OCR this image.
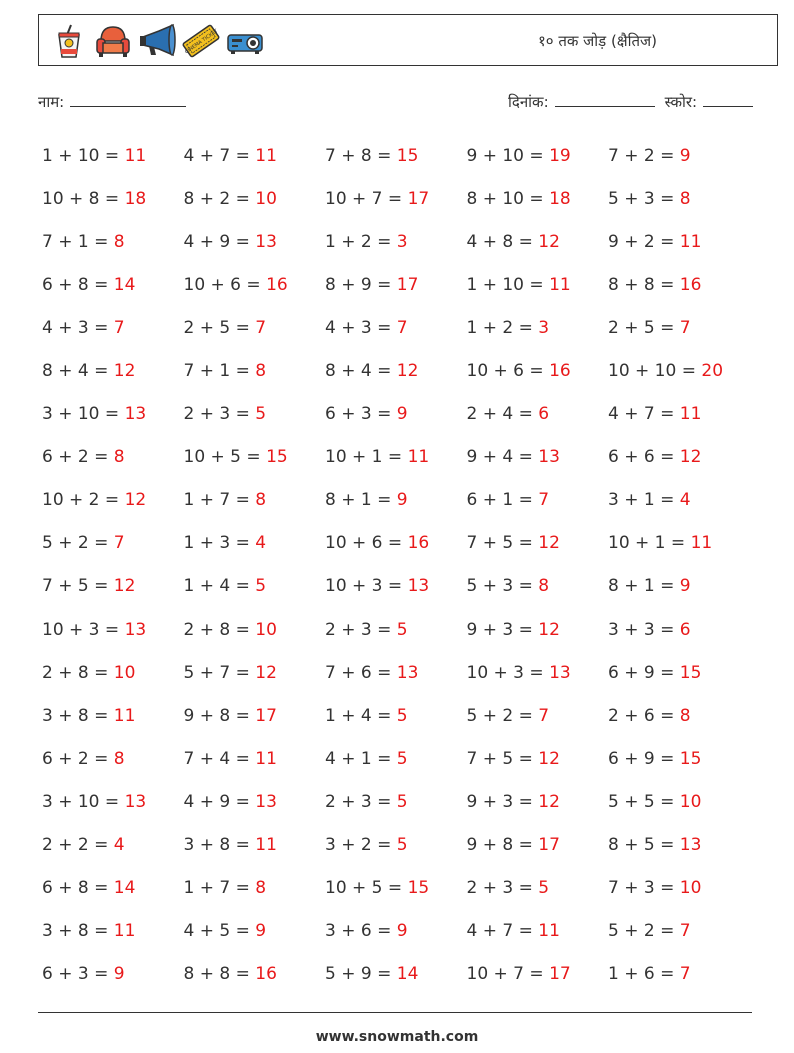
CINEMA TICKET	१० तक जोड़ (क्षैतिज)
नाम:	दिनांक:	स्कोर:
1 + 10 = 11	4 + 7 = 11	7 + 8 = 15	9 + 10 = 19	7 + 2 = 9
10 + 8 = 18	8 + 2 = 10	10 + 7 = 17	8 + 10 = 18	5 + 3 = 8
7 + 1 = 8	4 + 9 = 13	1 + 2 = 3	4 + 8 = 12	9 + 2 = 11
6 + 8 = 14	10 + 6 = 16	8 + 9 = 17	1 + 10 = 11	8 + 8 = 16
4 + 3 = 7	2 + 5 = 7	4 + 3 = 7	1 + 2 = 3	2 + 5 = 7
8 + 4 = 12	7 + 1 = 8	8 + 4 = 12	10 + 6 = 16	10 + 10 = 20
3 + 10 = 13	2 + 3 = 5	6 + 3 = 9	2 + 4 = 6	4 + 7 = 11
6 + 2 = 8	10 + 5 = 15	10 + 1 = 11	9 + 4 = 13	6 + 6 = 12
10 + 2 = 12	1 + 7 = 8	8 + 1 = 9	6 + 1 = 7	3 + 1 = 4
5 + 2 = 7	1 + 3 = 4	10 + 6 = 16	7 + 5 = 12	10 + 1 = 11
7 + 5 = 12	1 + 4 = 5	10 + 3 = 13	5 + 3 = 8	8 + 1 = 9
10 + 3 = 13	2 + 8 = 10	2 + 3 = 5	9 + 3 = 12	3 + 3 = 6
2 + 8 = 10	5 + 7 = 12	7 + 6 = 13	10 + 3 = 13	6 + 9 = 15
3 + 8 = 11	9 + 8 = 17	1 + 4 = 5	5 + 2 = 7	2 + 6 = 8
6 + 2 = 8	7 + 4 = 11	4 + 1 = 5	7 + 5 = 12	6 + 9 = 15
3 + 10 = 13	4 + 9 = 13	2 + 3 = 5	9 + 3 = 12	5 + 5 = 10
2 + 2 = 4	3 + 8 = 11	3 + 2 = 5	9 + 8 = 17	8 + 5 = 13
6 + 8 = 14	1 + 7 = 8	10 + 5 = 15	2 + 3 = 5	7 + 3 = 10
3 + 8 = 11	4 + 5 = 9	3 + 6 = 9	4 + 7 = 11	5 + 2 = 7
6 + 3 = 9	8 + 8 = 16	5 + 9 = 14	10 + 7 = 17	1 + 6 = 7
www.snowmath.com
